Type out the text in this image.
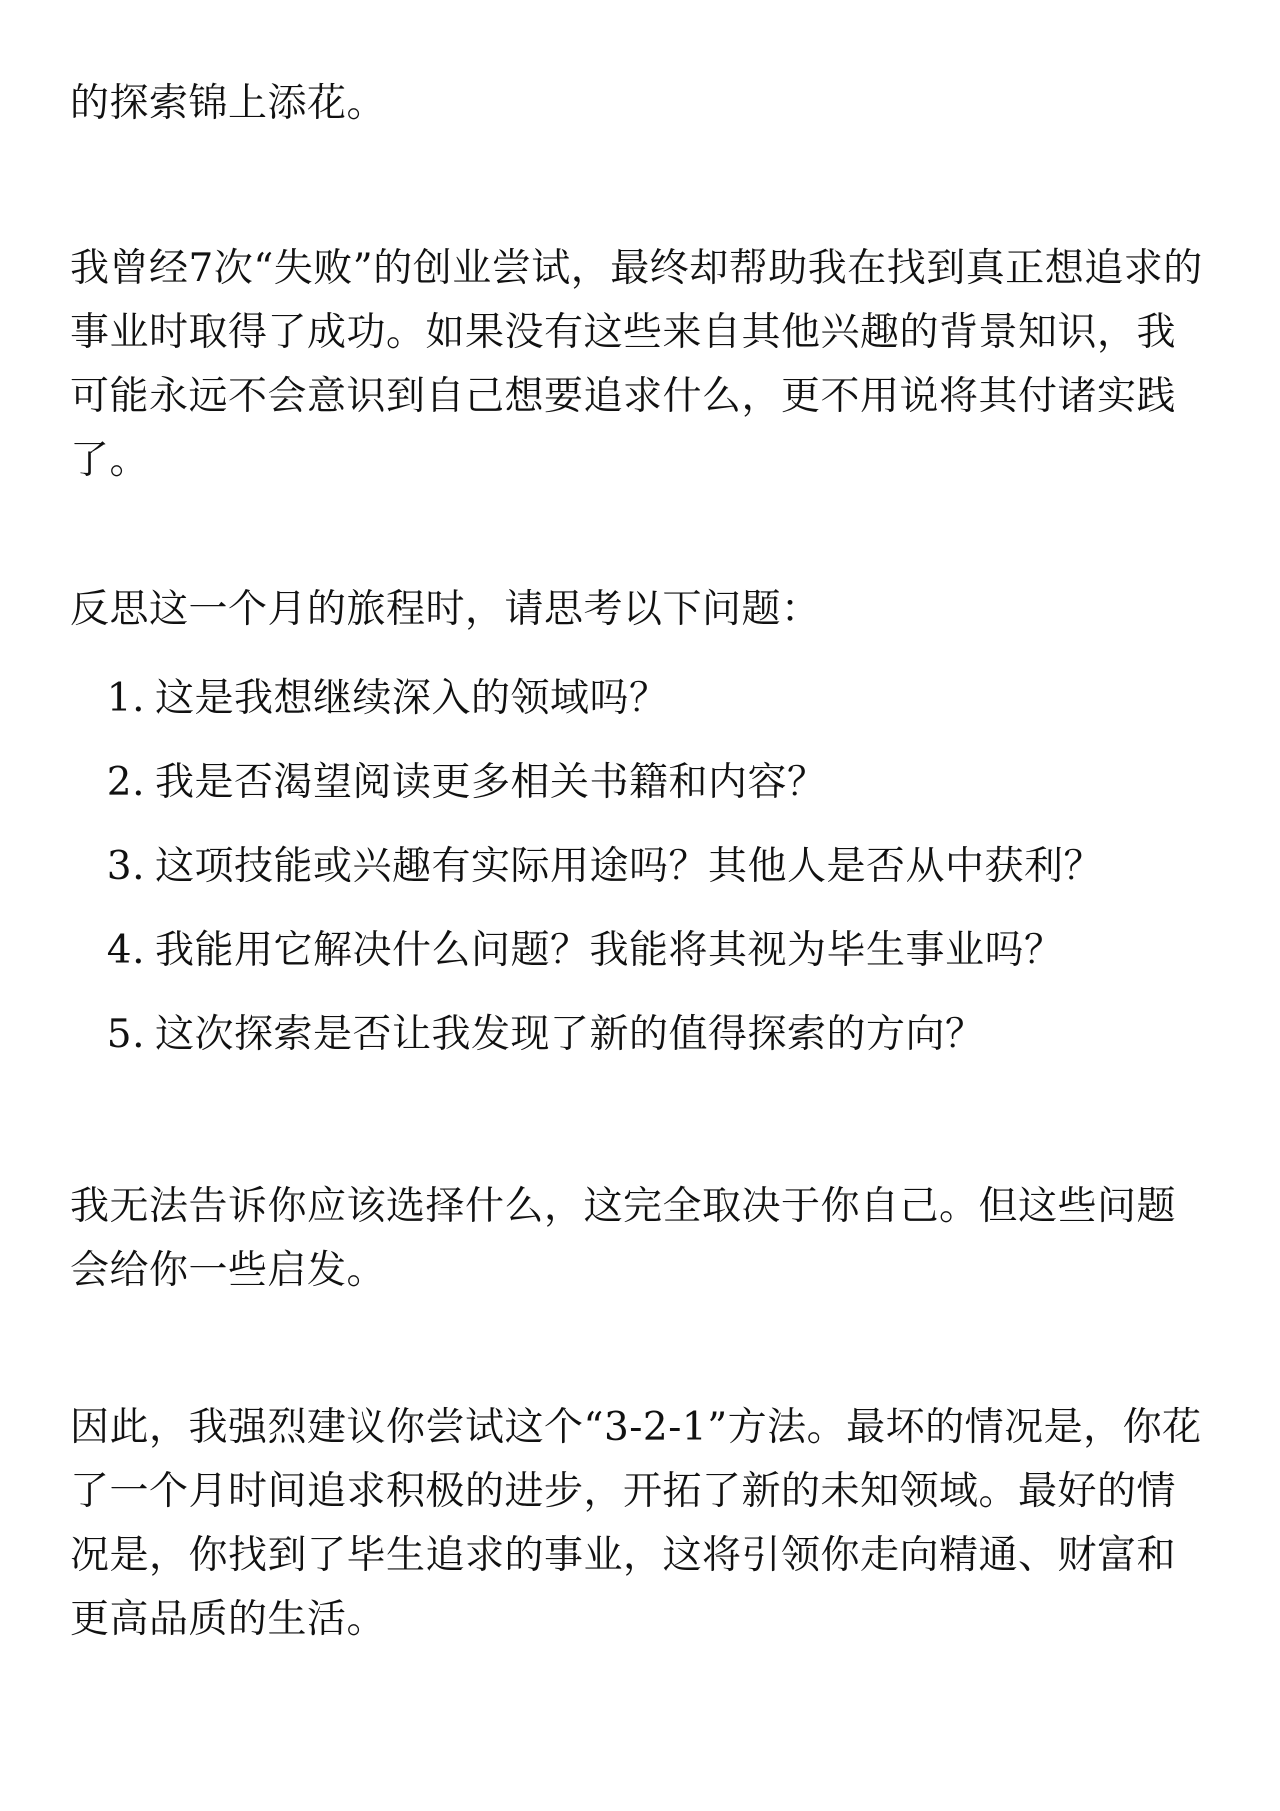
的探索锦上添花。

我曾经7次“失败”的创业尝试，最终却帮助我在找到真正想追求的事业时取得了成功。如果没有这些来自其他兴趣的背景知识，我可能永远不会意识到自己想要追求什么，更不用说将其付诸实践了。

反思这一个月的旅程时，请思考以下问题：

1. 这是我想继续深入的领域吗？
2. 我是否渴望阅读更多相关书籍和内容？
3. 这项技能或兴趣有实际用途吗？其他人是否从中获利？
4. 我能用它解决什么问题？我能将其视为毕生事业吗？
5. 这次探索是否让我发现了新的值得探索的方向？

我无法告诉你应该选择什么，这完全取决于你自己。但这些问题会给你一些启发。

因此，我强烈建议你尝试这个“3-2-1”方法。最坏的情况是，你花了一个月时间追求积极的进步，开拓了新的未知领域。最好的情况是，你找到了毕生追求的事业，这将引领你走向精通、财富和更高品质的生活。
